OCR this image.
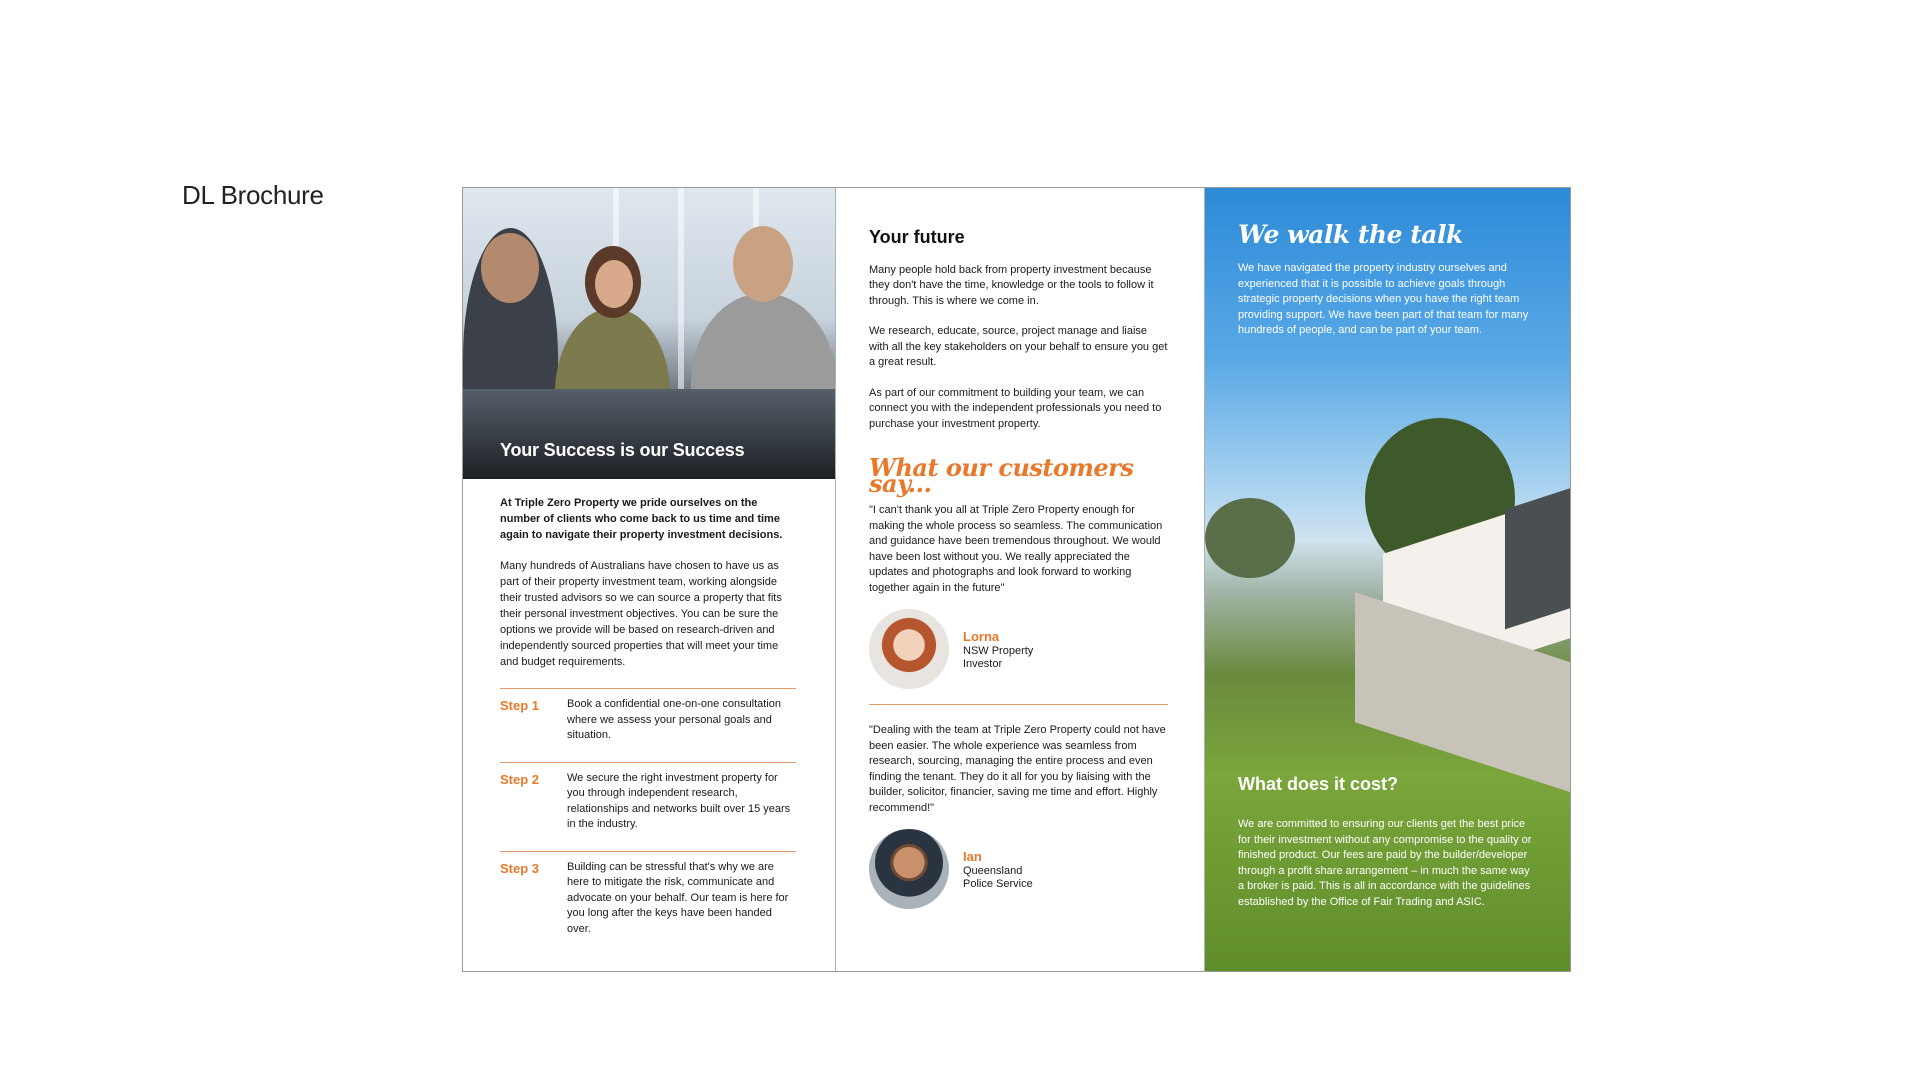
DL Brochure
Your Success is our Success

At Triple Zero Property we pride ourselves on the number of clients who come back to us time and time again to navigate their property investment decisions.

Many hundreds of Australians have chosen to have us as part of their property investment team, working alongside their trusted advisors so we can source a property that fits their personal investment objectives. You can be sure the options we provide will be based on research-driven and independently sourced properties that will meet your time and budget requirements.

Step 1	Book a confidential one-on-one consultation where we assess your personal goals and situation.
Step 2	We secure the right investment property for you through independent research, relationships and networks built over 15 years in the industry.
Step 3	Building can be stressful that's why we are here to mitigate the risk, communicate and advocate on your behalf. Our team is here for you long after the keys have been handed over.
Your future

Many people hold back from property investment because they don't have the time, knowledge or the tools to follow it through. This is where we come in.

We research, educate, source, project manage and liaise with all the key stakeholders on your behalf to ensure you get a great result.

As part of our commitment to building your team, we can connect you with the independent professionals you need to purchase your investment property.

What our customers say...

"I can't thank you all at Triple Zero Property enough for making the whole process so seamless. The communication and guidance have been tremendous throughout. We would have been lost without you. We really appreciated the updates and photographs and look forward to working together again in the future"

Lorna
NSW Property
Investor

"Dealing with the team at Triple Zero Property could not have been easier. The whole experience was seamless from research, sourcing, managing the entire process and even finding the tenant. They do it all for you by liaising with the builder, solicitor, financier, saving me time and effort. Highly recommend!"

Ian
Queensland
Police Service
We walk the talk

We have navigated the property industry ourselves and experienced that it is possible to achieve goals through strategic property decisions when you have the right team providing support. We have been part of that team for many hundreds of people, and can be part of your team.

What does it cost?

We are committed to ensuring our clients get the best price for their investment without any compromise to the quality or finished product. Our fees are paid by the builder/developer through a profit share arrangement – in much the same way a broker is paid. This is all in accordance with the guidelines established by the Office of Fair Trading and ASIC.
